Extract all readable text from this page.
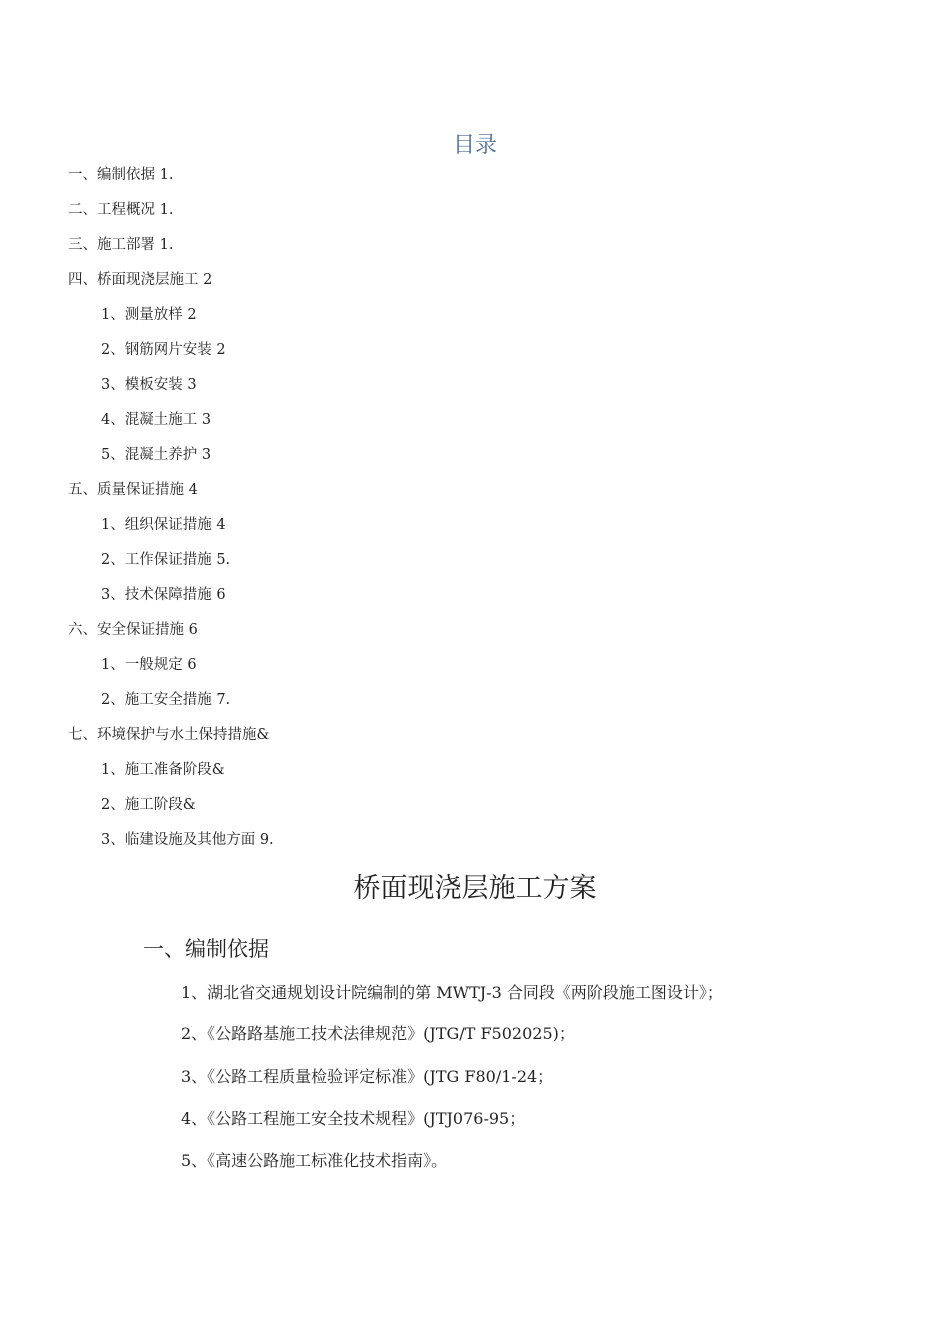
目录
一、编制依据 1.
二、工程概况 1.
三、施工部署 1.
四、桥面现浇层施工 2
1、测量放样 2
2、钢筋网片安装 2
3、模板安装 3
4、混凝土施工 3
5、混凝土养护 3
五、质量保证措施 4
1、组织保证措施 4
2、工作保证措施 5.
3、技术保障措施 6
六、安全保证措施 6
1、一般规定 6
2、施工安全措施 7.
七、环境保护与水土保持措施&
1、施工准备阶段&
2、施工阶段&
3、临建设施及其他方面 9.
桥面现浇层施工方案
一、编制依据
1、湖北省交通规划设计院编制的第 MWTJ-3 合同段《两阶段施工图设计》；
2、《公路路基施工技术法律规范》(JTG/T F502025)；
3、《公路工程质量检验评定标准》(JTG F80/1-24；
4、《公路工程施工安全技术规程》(JTJ076-95；
5、《高速公路施工标准化技术指南》。
